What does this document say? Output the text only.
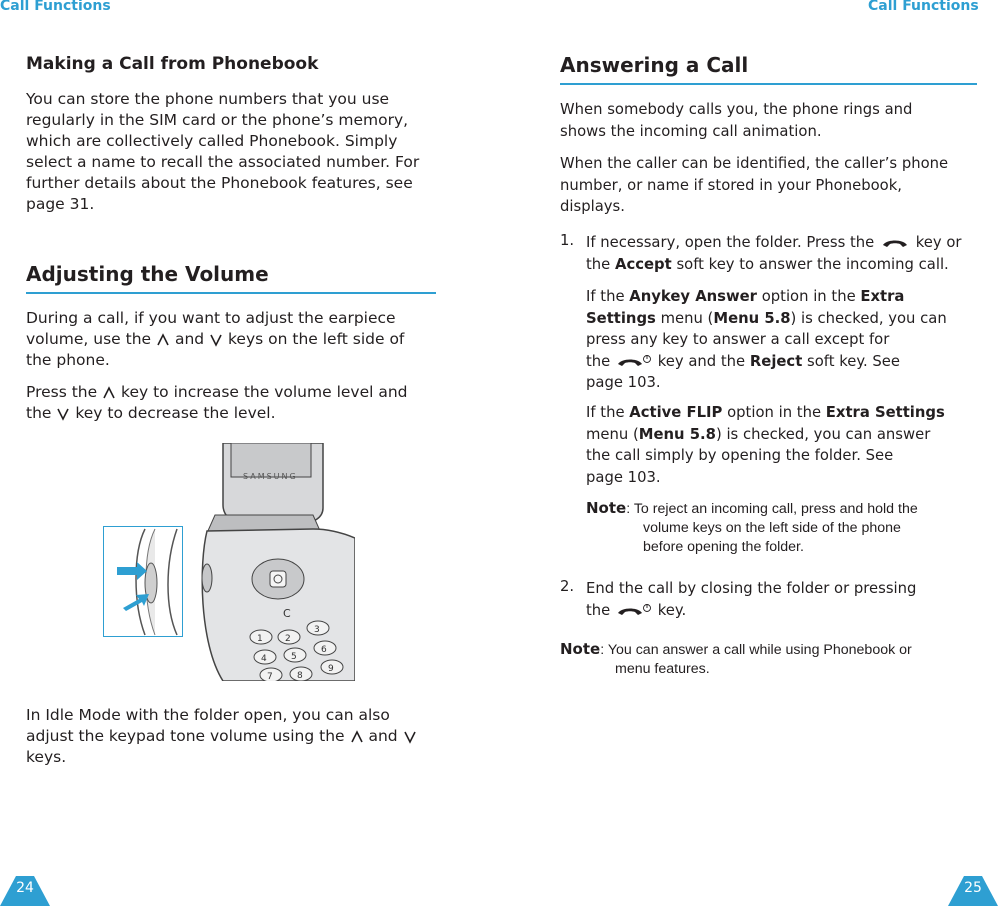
Call Functions	Call Functions
Making a Call from Phonebook

You can store the phone numbers that you use
regularly in the SIM card or the phone’s memory,
which are collectively called Phonebook. Simply
select a name to recall the associated number. For
further details about the Phonebook features, see
page 31.

Adjusting the Volume

During a call, if you want to adjust the earpiece
volume, use the and keys on the left side of
the phone.

Press the key to increase the volume level and
the key to decrease the level.

In Idle Mode with the folder open, you can also
adjust the keypad tone volume using the and

keys.

SAMSUNG
C
1 2
3
4	5
6
7	8
9
Answering a Call

When somebody calls you, the phone rings and
shows the incoming call animation.

When the caller can be identified, the caller’s phone
number, or name if stored in your Phonebook,
displays.

1. If necessary, open the folder. Press the	key or
the Accept soft key to answer the incoming call.

If the Anykey Answer option in the Extra
Settings menu (Menu 5.8) is checked, you can
press any key to answer a call except for
the	key and the Reject soft key. See
page 103.

If the Active FLIP option in the Extra Settings
menu (Menu 5.8) is checked, you can answer
the call simply by opening the folder. See
page 103.

Note: To reject an incoming call, press and hold the
volume keys on the left side of the phone
before opening the folder.
2. End the call by closing the folder or pressing
the	key.

Note: You can answer a call while using Phonebook or
menu features.
24	25
